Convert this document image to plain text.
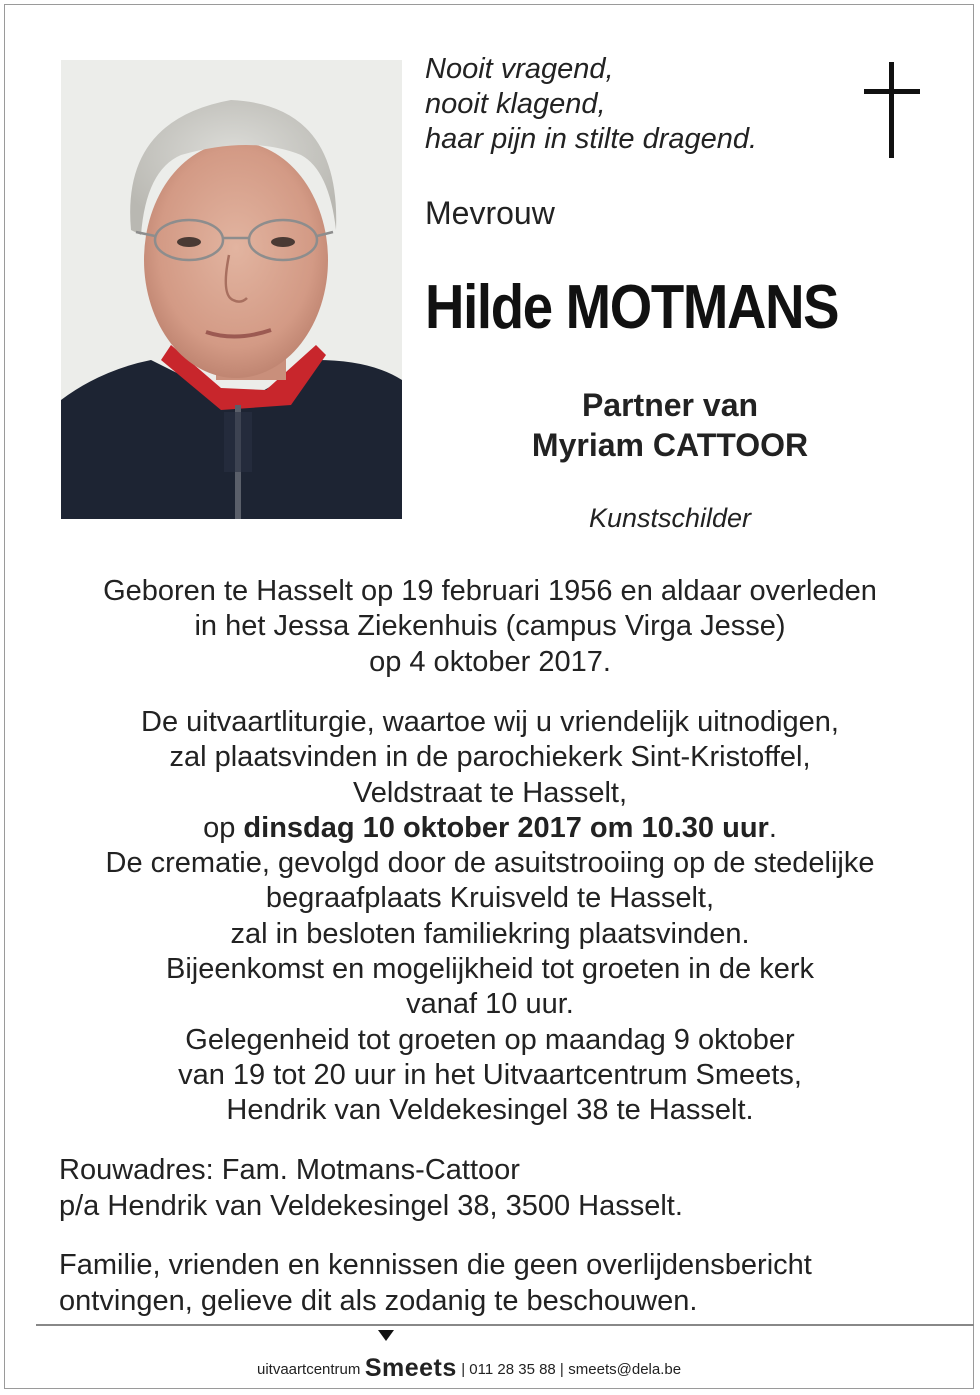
Nooit vragend,
nooit klagend,
haar pijn in stilte dragend.
Mevrouw
Hilde MOTMANS
Partner van
Myriam CATTOOR
Kunstschilder
Geboren te Hasselt op 19 februari 1956 en aldaar overleden
in het Jessa Ziekenhuis (campus Virga Jesse)
op 4 oktober 2017.
De uitvaartliturgie, waartoe wij u vriendelijk uitnodigen,
zal plaatsvinden in de parochiekerk Sint-Kristoffel,
Veldstraat te Hasselt,
op dinsdag 10 oktober 2017 om 10.30 uur.
De crematie, gevolgd door de asuitstrooiing op de stedelijke
begraafplaats Kruisveld te Hasselt,
zal in besloten familiekring plaatsvinden.
Bijeenkomst en mogelijkheid tot groeten in de kerk
vanaf 10 uur.
Gelegenheid tot groeten op maandag 9 oktober
van 19 tot 20 uur in het Uitvaartcentrum Smeets,
Hendrik van Veldekesingel 38 te Hasselt.
Rouwadres: Fam. Motmans-Cattoor
p/a Hendrik van Veldekesingel 38, 3500 Hasselt.
Familie, vrienden en kennissen die geen overlijdensbericht
ontvingen, gelieve dit als zodanig te beschouwen.
uitvaartcentrum Smeets | 011 28 35 88 | smeets@dela.be
